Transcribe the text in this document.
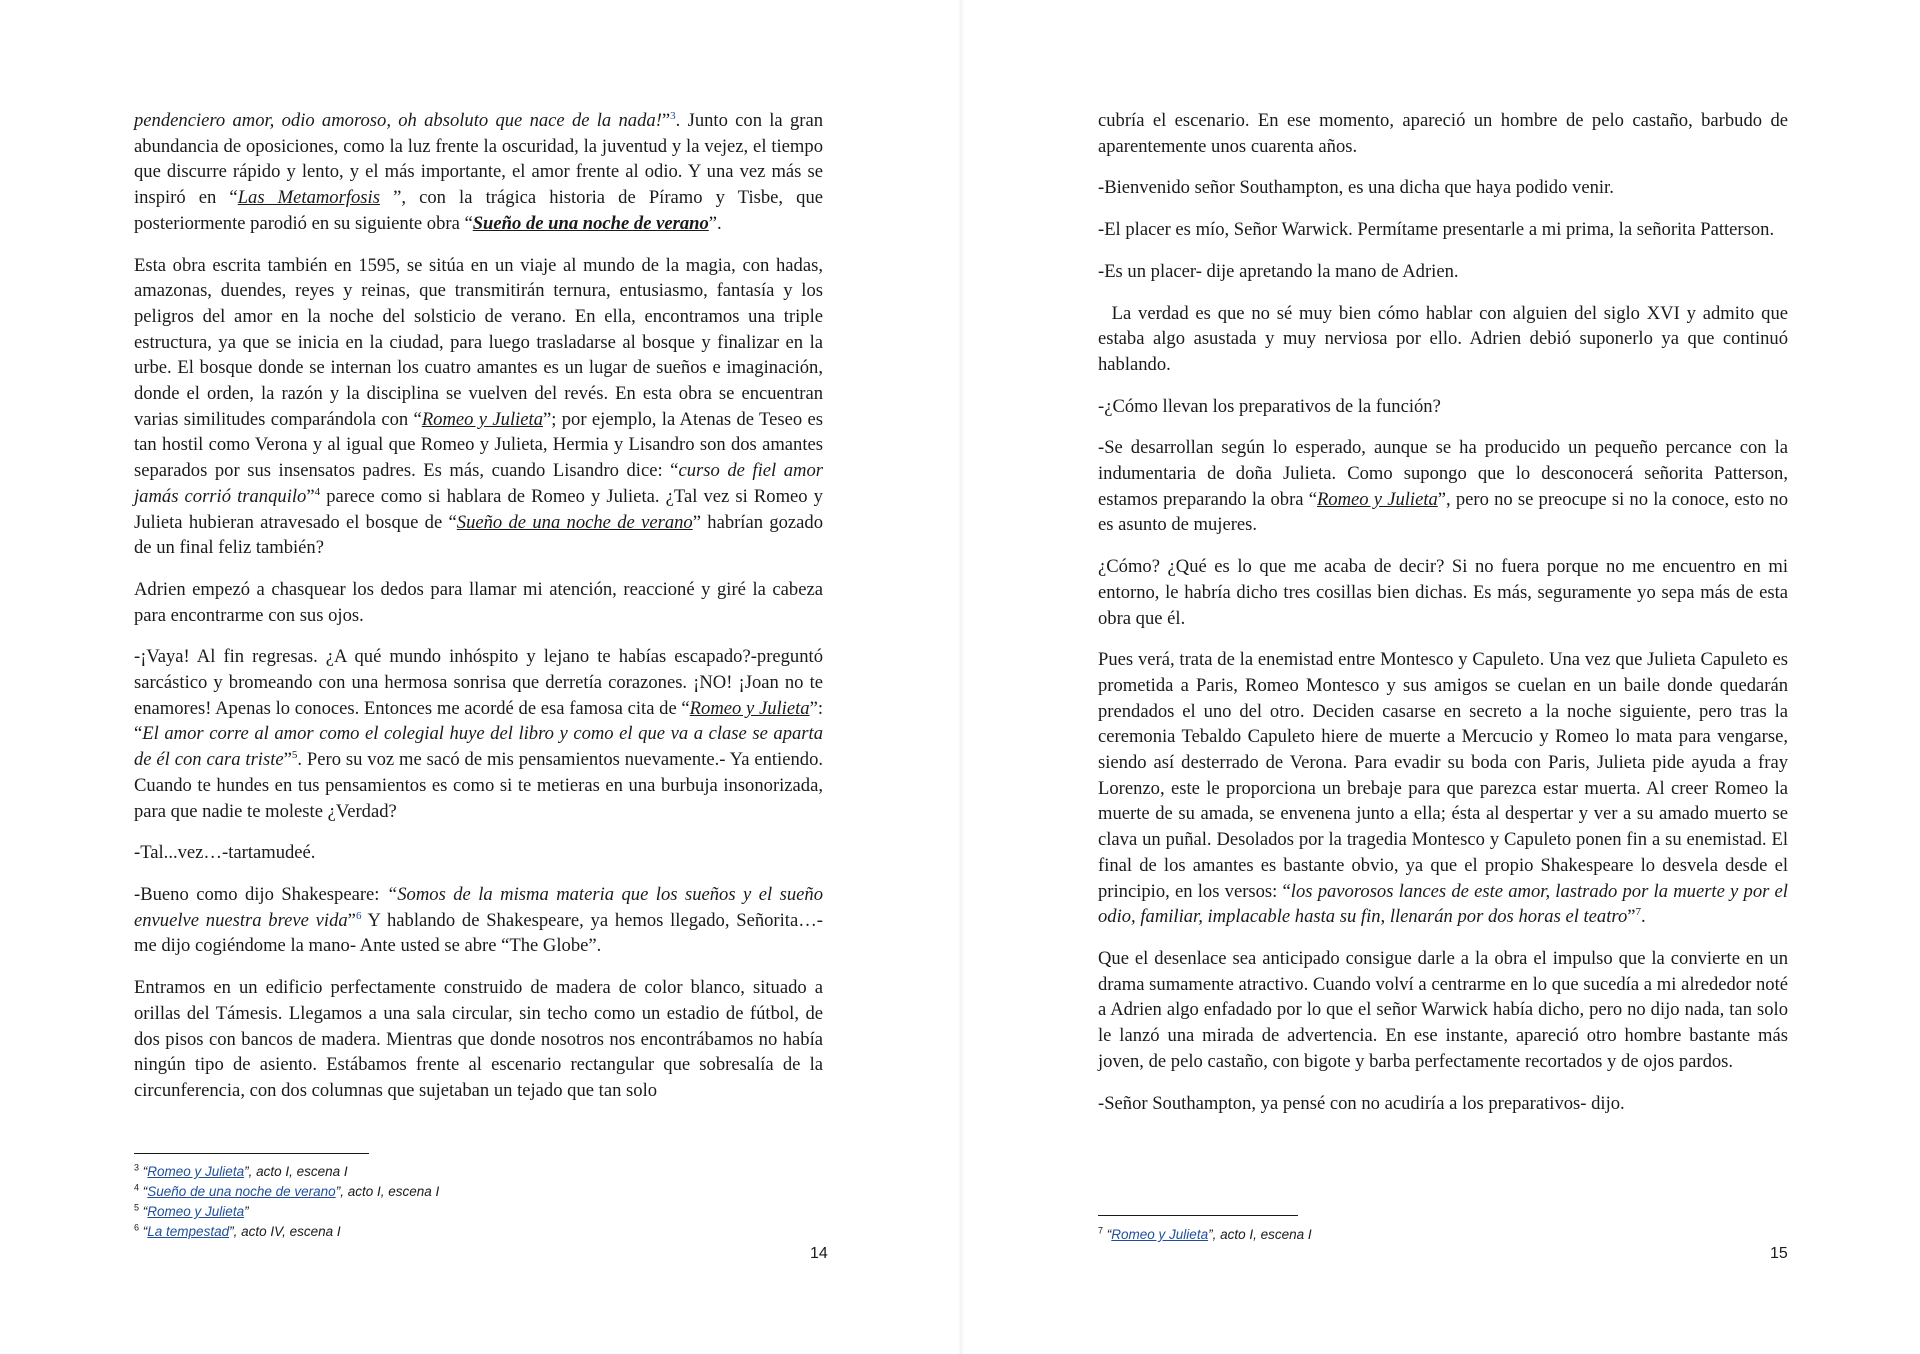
pendenciero amor, odio amoroso, oh absoluto que nace de la nada!”$^3$. Junto con la gran abundancia de oposiciones, como la luz frente la oscuridad, la juventud y la vejez, el tiempo que discurre rápido y lento, y el más importante, el amor frente al odio. Y una vez más se inspiró en “Las Metamorfosis ”, con la trágica historia de Píramo y Tisbe, que posteriormente parodió en su siguiente obra “Sueño de una noche de verano”.

Esta obra escrita también en 1595, se sitúa en un viaje al mundo de la magia, con hadas, amazonas, duendes, reyes y reinas, que transmitirán ternura, entusiasmo, fantasía y los peligros del amor en la noche del solsticio de verano. En ella, encontramos una triple estructura, ya que se inicia en la ciudad, para luego trasladarse al bosque y finalizar en la urbe. El bosque donde se internan los cuatro amantes es un lugar de sueños e imaginación, donde el orden, la razón y la disciplina se vuelven del revés. En esta obra se encuentran varias similitudes comparándola con “Romeo y Julieta”; por ejemplo, la Atenas de Teseo es tan hostil como Verona y al igual que Romeo y Julieta, Hermia y Lisandro son dos amantes separados por sus insensatos padres. Es más, cuando Lisandro dice: “curso de fiel amor jamás corrió tranquilo”$^4$ parece como si hablara de Romeo y Julieta. ¿Tal vez si Romeo y Julieta hubieran atravesado el bosque de “Sueño de una noche de verano” habrían gozado de un final feliz también?

Adrien empezó a chasquear los dedos para llamar mi atención, reaccioné y giré la cabeza para encontrarme con sus ojos.

-¡Vaya! Al fin regresas. ¿A qué mundo inhóspito y lejano te habías escapado?-preguntó sarcástico y bromeando con una hermosa sonrisa que derretía corazones. ¡NO! ¡Joan no te enamores! Apenas lo conoces. Entonces me acordé de esa famosa cita de “Romeo y Julieta”: “El amor corre al amor como el colegial huye del libro y como el que va a clase se aparta de él con cara triste”$^5$. Pero su voz me sacó de mis pensamientos nuevamente.- Ya entiendo. Cuando te hundes en tus pensamientos es como si te metieras en una burbuja insonorizada, para que nadie te moleste ¿Verdad?

-Tal...vez…-tartamudeé.

-Bueno como dijo Shakespeare: “Somos de la misma materia que los sueños y el sueño envuelve nuestra breve vida”$^6$ Y hablando de Shakespeare, ya hemos llegado, Señorita…- me dijo cogiéndome la mano- Ante usted se abre “The Globe”.

Entramos en un edificio perfectamente construido de madera de color blanco, situado a orillas del Támesis. Llegamos a una sala circular, sin techo como un estadio de fútbol, de dos pisos con bancos de madera. Mientras que donde nosotros nos encontrábamos no había ningún tipo de asiento. Estábamos frente al escenario rectangular que sobresalía de la circunferencia, con dos columnas que sujetaban un tejado que tan solo

$^3$ “Romeo y Julieta”, acto I, escena I
$^4$ “Sueño de una noche de verano”, acto I, escena I
$^5$ “Romeo y Julieta”
$^6$ “La tempestad”, acto IV, escena I
14

cubría el escenario. En ese momento, apareció un hombre de pelo castaño, barbudo de aparentemente unos cuarenta años.

-Bienvenido señor Southampton, es una dicha que haya podido venir.

-El placer es mío, Señor Warwick. Permítame presentarle a mi prima, la señorita Patterson.

-Es un placer- dije apretando la mano de Adrien.

La verdad es que no sé muy bien cómo hablar con alguien del siglo XVI y admito que estaba algo asustada y muy nerviosa por ello. Adrien debió suponerlo ya que continuó hablando.

-¿Cómo llevan los preparativos de la función?

-Se desarrollan según lo esperado, aunque se ha producido un pequeño percance con la indumentaria de doña Julieta. Como supongo que lo desconocerá señorita Patterson, estamos preparando la obra “Romeo y Julieta”, pero no se preocupe si no la conoce, esto no es asunto de mujeres.

¿Cómo? ¿Qué es lo que me acaba de decir? Si no fuera porque no me encuentro en mi entorno, le habría dicho tres cosillas bien dichas. Es más, seguramente yo sepa más de esta obra que él.

Pues verá, trata de la enemistad entre Montesco y Capuleto. Una vez que Julieta Capuleto es prometida a Paris, Romeo Montesco y sus amigos se cuelan en un baile donde quedarán prendados el uno del otro. Deciden casarse en secreto a la noche siguiente, pero tras la ceremonia Tebaldo Capuleto hiere de muerte a Mercucio y Romeo lo mata para vengarse, siendo así desterrado de Verona. Para evadir su boda con Paris, Julieta pide ayuda a fray Lorenzo, este le proporciona un brebaje para que parezca estar muerta. Al creer Romeo la muerte de su amada, se envenena junto a ella; ésta al despertar y ver a su amado muerto se clava un puñal. Desolados por la tragedia Montesco y Capuleto ponen fin a su enemistad. El final de los amantes es bastante obvio, ya que el propio Shakespeare lo desvela desde el principio, en los versos: “los pavorosos lances de este amor, lastrado por la muerte y por el odio, familiar, implacable hasta su fin, llenarán por dos horas el teatro”$^7$.

Que el desenlace sea anticipado consigue darle a la obra el impulso que la convierte en un drama sumamente atractivo. Cuando volví a centrarme en lo que sucedía a mi alrededor noté a Adrien algo enfadado por lo que el señor Warwick había dicho, pero no dijo nada, tan solo le lanzó una mirada de advertencia. En ese instante, apareció otro hombre bastante más joven, de pelo castaño, con bigote y barba perfectamente recortados y de ojos pardos.

-Señor Southampton, ya pensé con no acudiría a los preparativos- dijo.

$^7$ “Romeo y Julieta”, acto I, escena I
15
